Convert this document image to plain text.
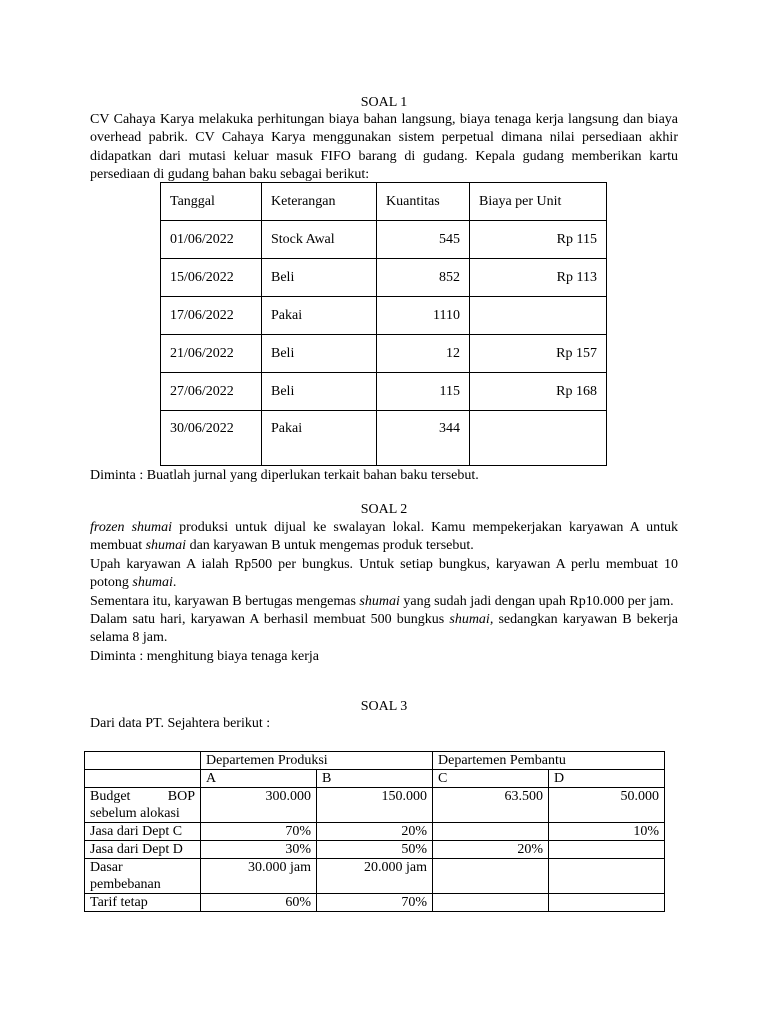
SOAL 1
CV Cahaya Karya melakuka perhitungan biaya bahan langsung, biaya tenaga kerja langsung dan biaya overhead pabrik. CV Cahaya Karya menggunakan sistem perpetual dimana nilai persediaan akhir didapatkan dari mutasi keluar masuk FIFO barang di gudang. Kepala gudang memberikan kartu persediaan di gudang bahan baku sebagai berikut:
Tanggal	Keterangan	Kuantitas	Biaya per Unit
01/06/2022	Stock Awal	545	Rp 115
15/06/2022	Beli	852	Rp 113
17/06/2022	Pakai	1110	
21/06/2022	Beli	12	Rp 157
27/06/2022	Beli	115	Rp 168
30/06/2022	Pakai	344	
Diminta : Buatlah jurnal yang diperlukan terkait bahan baku tersebut.
SOAL 2

frozen shumai produksi untuk dijual ke swalayan lokal. Kamu mempekerjakan karyawan A untuk membuat shumai dan karyawan B untuk mengemas produk tersebut.

Upah karyawan A ialah Rp500 per bungkus. Untuk setiap bungkus, karyawan A perlu membuat 10 potong shumai.

Sementara itu, karyawan B bertugas mengemas shumai yang sudah jadi dengan upah Rp10.000 per jam.

Dalam satu hari, karyawan A berhasil membuat 500 bungkus shumai, sedangkan karyawan B bekerja selama 8 jam.

Diminta : menghitung biaya tenaga kerja

SOAL 3
Dari data PT. Sejahtera berikut :
	Departemen Produksi		Departemen Pembantu	
	A	B	C	D

Budget BOP
sebelum alokasi	300.000	150.000	63.500	50.000
Jasa dari Dept C	70%	20%		10%
Jasa dari Dept D	30%	50%	20%	
Dasar pembebanan	30.000 jam	20.000 jam		
Tarif tetap	60%	70%		
